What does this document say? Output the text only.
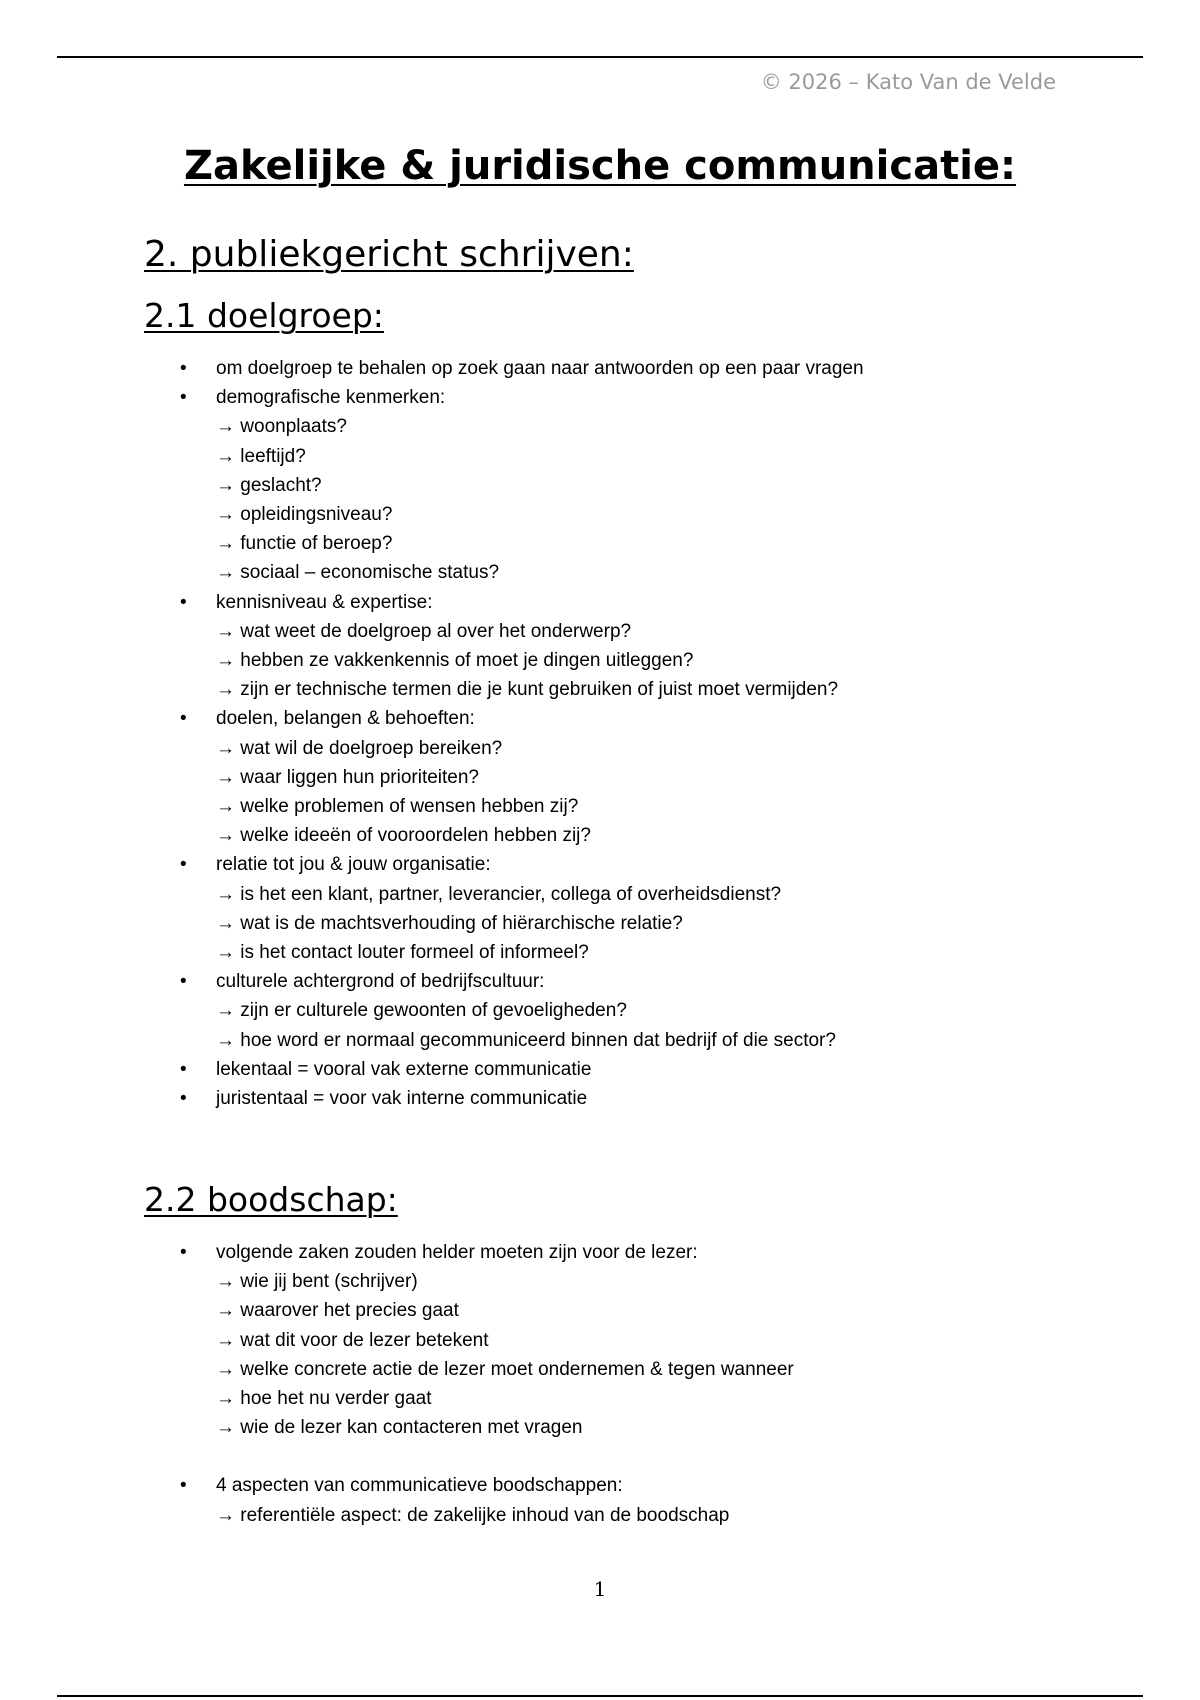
© 2026 – Kato Van de Velde
Zakelijke & juridische communicatie:
2. publiekgericht schrijven:
2.1 doelgroep:
• om doelgroep te behalen op zoek gaan naar antwoorden op een paar vragen
• demografische kenmerken:
→ woonplaats?
→ leeftijd?
→ geslacht?
→ opleidingsniveau?
→ functie of beroep?
→ sociaal – economische status?
• kennisniveau & expertise:
→ wat weet de doelgroep al over het onderwerp?
→ hebben ze vakkenkennis of moet je dingen uitleggen?
→ zijn er technische termen die je kunt gebruiken of juist moet vermijden?
• doelen, belangen & behoeften:
→ wat wil de doelgroep bereiken?
→ waar liggen hun prioriteiten?
→ welke problemen of wensen hebben zij?
→ welke ideeën of vooroordelen hebben zij?
• relatie tot jou & jouw organisatie:
→ is het een klant, partner, leverancier, collega of overheidsdienst?
→ wat is de machtsverhouding of hiërarchische relatie?
→ is het contact louter formeel of informeel?
• culturele achtergrond of bedrijfscultuur:
→ zijn er culturele gewoonten of gevoeligheden?
→ hoe word er normaal gecommuniceerd binnen dat bedrijf of die sector?
• lekentaal = vooral vak externe communicatie
• juristentaal = voor vak interne communicatie
2.2 boodschap:
• volgende zaken zouden helder moeten zijn voor de lezer:
→ wie jij bent (schrijver)
→ waarover het precies gaat
→ wat dit voor de lezer betekent
→ welke concrete actie de lezer moet ondernemen & tegen wanneer
→ hoe het nu verder gaat
→ wie de lezer kan contacteren met vragen
• 4 aspecten van communicatieve boodschappen:
→ referentiële aspect: de zakelijke inhoud van de boodschap
1
